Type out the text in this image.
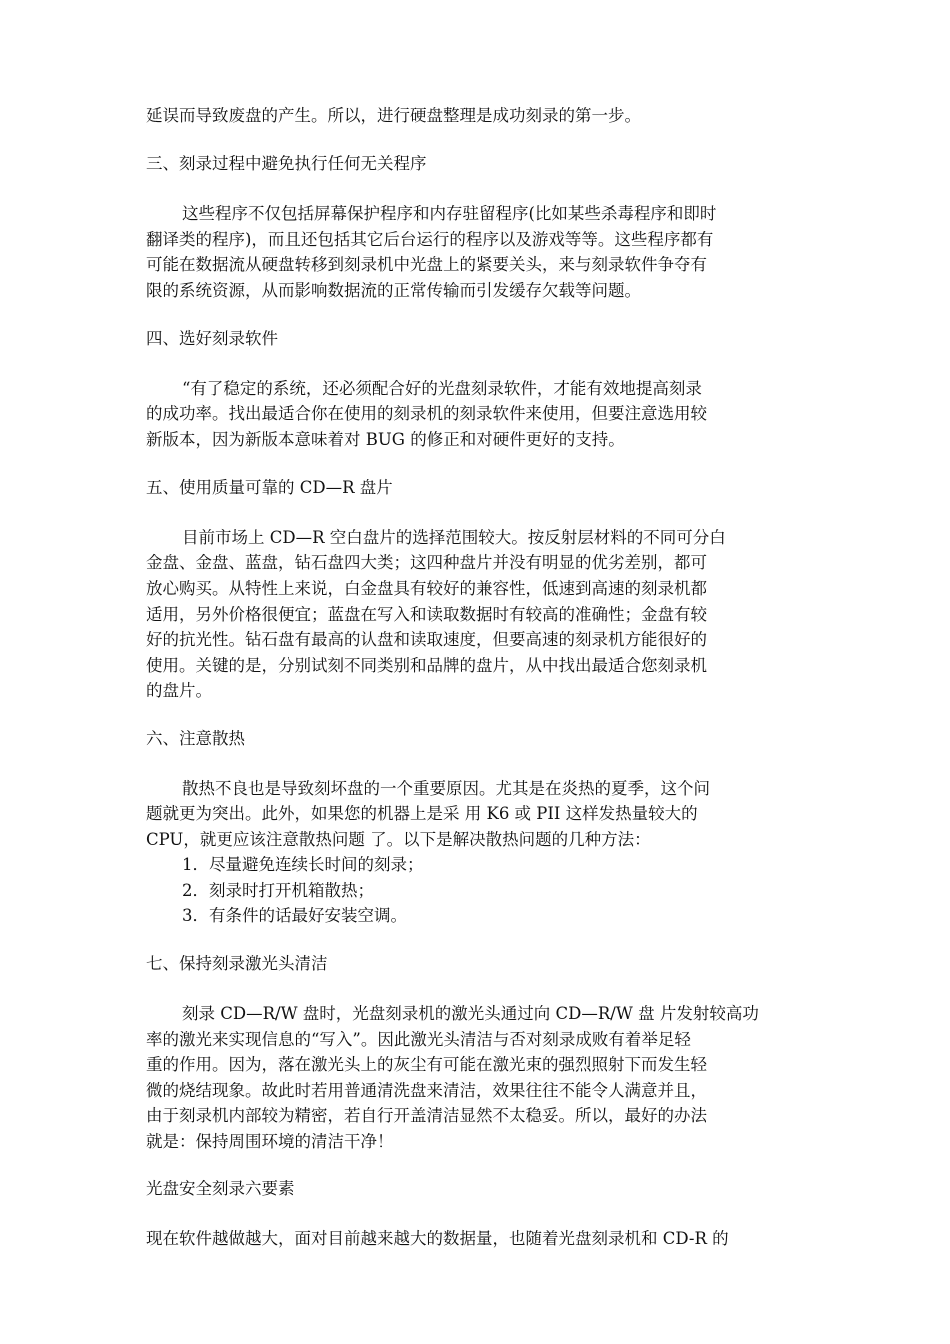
延误而导致废盘的产生。所以，进行硬盘整理是成功刻录的第一步。
三、刻录过程中避免执行任何无关程序
这些程序不仅包括屏幕保护程序和内存驻留程序(比如某些杀毒程序和即时
翻译类的程序)，而且还包括其它后台运行的程序以及游戏等等。这些程序都有
可能在数据流从硬盘转移到刻录机中光盘上的紧要关头，来与刻录软件争夺有
限的系统资源，从而影响数据流的正常传输而引发缓存欠载等问题。
四、选好刻录软件
“有了稳定的系统，还必须配合好的光盘刻录软件，才能有效地提高刻录
的成功率。找出最适合你在使用的刻录机的刻录软件来使用，但要注意选用较
新版本，因为新版本意味着对 BUG 的修正和对硬件更好的支持。
五、使用质量可靠的 CD—R 盘片
目前市场上 CD—R 空白盘片的选择范围较大。按反射层材料的不同可分白
金盘、金盘、蓝盘，钻石盘四大类；这四种盘片并没有明显的优劣差别，都可
放心购买。从特性上来说，白金盘具有较好的兼容性，低速到高速的刻录机都
适用，另外价格很便宜；蓝盘在写入和读取数据时有较高的准确性；金盘有较
好的抗光性。钻石盘有最高的认盘和读取速度，但要高速的刻录机方能很好的
使用。关键的是，分别试刻不同类别和品牌的盘片，从中找出最适合您刻录机
的盘片。
六、注意散热
散热不良也是导致刻坏盘的一个重要原因。尤其是在炎热的夏季，这个问
题就更为突出。此外，如果您的机器上是采 用 K6 或 PII 这样发热量较大的
CPU，就更应该注意散热问题 了。以下是解决散热问题的几种方法：
1．尽量避免连续长时间的刻录；
2．刻录时打开机箱散热；
3．有条件的话最好安装空调。
七、保持刻录激光头清洁
刻录 CD—R/W 盘时，光盘刻录机的激光头通过向 CD—R/W 盘 片发射较高功
率的激光来实现信息的“写入”。因此激光头清洁与否对刻录成败有着举足轻
重的作用。因为，落在激光头上的灰尘有可能在激光束的强烈照射下而发生轻
微的烧结现象。故此时若用普通清洗盘来清洁，效果往往不能令人满意并且，
由于刻录机内部较为精密，若自行开盖清洁显然不太稳妥。所以，最好的办法
就是：保持周围环境的清洁干净！
光盘安全刻录六要素
现在软件越做越大，面对目前越来越大的数据量，也随着光盘刻录机和 CD-R 的
